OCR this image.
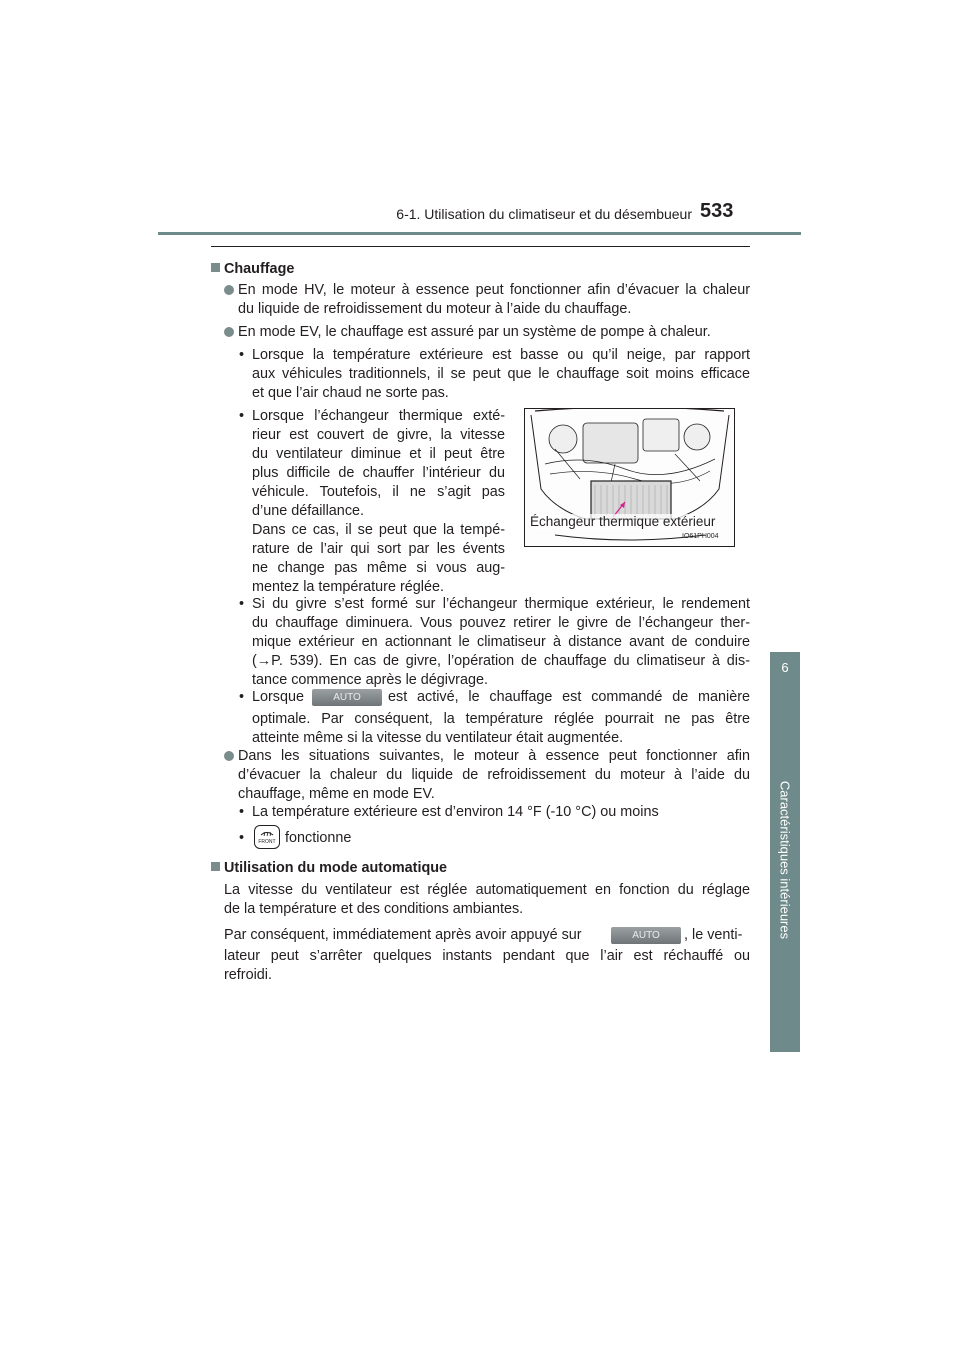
6-1. Utilisation du climatiseur et du désembueur 533
6
Caractéristiques intérieures
Chauffage
En mode HV, le moteur à essence peut fonctionner afin d’évacuer la chaleur
du liquide de refroidissement du moteur à l’aide du chauffage.
En mode EV, le chauffage est assuré par un système de pompe à chaleur.
• Lorsque la température extérieure est basse ou qu’il neige, par rapport
aux véhicules traditionnels, il se peut que le chauffage soit moins efficace
et que l’air chaud ne sorte pas.
• Lorsque l’échangeur thermique exté-
rieur est couvert de givre, la vitesse
du ventilateur diminue et il peut être
plus difficile de chauffer l’intérieur du
véhicule. Toutefois, il ne s’agit pas
d’une défaillance.
Dans ce cas, il se peut que la tempé-
rature de l’air qui sort par les évents
ne change pas même si vous aug-
mentez la température réglée.
Échangeur thermique extérieur
IO61PH004
• Si du givre s’est formé sur l’échangeur thermique extérieur, le rendement
du chauffage diminuera. Vous pouvez retirer le givre de l’échangeur ther-
mique extérieur en actionnant le climatiseur à distance avant de conduire
(→P. 539). En cas de givre, l’opération de chauffage du climatiseur à dis-
tance commence après le dégivrage.
• Lorsque	AUTO	est activé, le chauffage est commandé de manière
optimale. Par conséquent, la température réglée pourrait ne pas être
atteinte même si la vitesse du ventilateur était augmentée.
Dans les situations suivantes, le moteur à essence peut fonctionner afin
d’évacuer la chaleur du liquide de refroidissement du moteur à l’aide du
chauffage, même en mode EV.
• La température extérieure est d’environ 14 °F (-10 °C) ou moins
•	FRONT fonctionne
Utilisation du mode automatique
La vitesse du ventilateur est réglée automatiquement en fonction du réglage
de la température et des conditions ambiantes.
Par conséquent, immédiatement après avoir appuyé sur	AUTO	, le venti-
lateur peut s’arrêter quelques instants pendant que l’air est réchauffé ou
refroidi.
